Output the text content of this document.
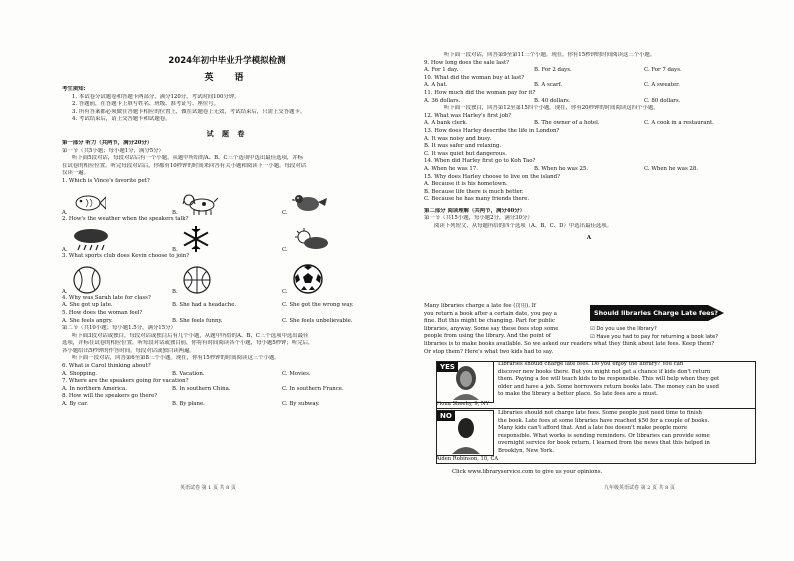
2024年初中毕业升学模拟检测
英　语
考生须知:
1. 本试卷分试题卷和答题卡两部分，满分120分，考试时间100分钟。
2. 答题前，在答题卡上填写姓名、班级、准考证号、座位号。
3. 所有答案都必须做在答题卡相应的位置上，做在试题卷上无效，考试结束后，只需上交答题卡。
4. 考试结束后，请上交答题卡和试题卷。
试 题 卷
第一部分 听力（共两节，满分20分）
第一节（共5小题；每小题1分，满分5分）
听下面5段对话，每段对话后有一个小题，从题中所给的A、B、C三个选项中选出最佳选项，并标
在试卷的相应位置。听完每段对话后，你都有10秒钟的时间来回答有关小题和阅读下一小题。每段对话
仅读一遍。
1. Which is Vince's favorite pet?
A.	B.	C.
2. How's the weather when the speakers talk?
A.	B.	C.
3. What sports club does Kevin choose to join?
A.	B.	C.
4. Why was Sarah late for class?
A. She got up late.	B. She had a headache.	C. She got the wrong way.
5. How does the woman feel?
A. She feels angry.	B. She feels funny.	C. She feels unbelievable.
第二节（共10小题；每小题1.5分，满分15分）
听下面3段对话或独白，每段对话或独白后有几个小题，从题中所给的A、B、C三个选项中选出最佳
选项，并标在试卷的相应位置。听每段对话或独白前，你将有时间阅读各个小题，每小题5秒钟；听完后，
各小题给出5秒钟的作答时间。每段对话或独白读两遍。
听下面一段对话，回答第6至第8三个小题。现在，你有15秒钟的时间阅读这三个小题。
6. What is Carol thinking about?
A. Shopping.	B. Vacation.	C. Movies.
7. Where are the speakers going for vacation?
A. In northern America.	B. In southern China.	C. In southern France.
8. How will the speakers go there?
A. By car.	B. By plane.	C. By subway.
英语试卷 第 1 页 共 8 页
听下面一段对话，回答第9至第11三个小题。现在，你有15秒钟的时间阅读这三个小题。
9. How long does the sale last?
A. For 1 day.	B. For 2 days.	C. For 7 days.
10. What did the woman buy at last?
A. A hat.	B. A scarf.	C. A sweater.
11. How much did the woman pay for it?
A. 36 dollars.	B. 40 dollars.	C. 80 dollars.
听下面一段独白，回答第12至第15四个小题。现在，你有20秒钟的时间阅读这四个小题。
12. What was Harley's first job?
A. A bank clerk.	B. The owner of a hotel.	C. A cook in a restaurant.
13. How does Harley describe the life in London?
A. It was noisy and busy.
B. It was safer and relaxing.
C. It was quiet but dangerous.
14. When did Harley first go to Koh Tao?
A. When he was 17.	B. When he was 25.	C. When he was 28.
15. Why does Harley choose to live on the island?
A. Because it is his hometown.
B. Because life there is much better.
C. Because he has many friends there.
第二部分 阅读理解（共两节，满分40分）
第一节（共15小题，每小题2分，满分30分）
阅读下列短文，从每题所给的四个选项（A、B、C、D）中选出最佳选项。
A
Many libraries charge a late fee (罚用). If
you return a book after a certain date, you pay a
fine. But this might be changing. Part for public
libraries, anyway. Some say these fees stop some
people from using the library. And the point of
libraries is to make books available. So we asked our readers what they think about late fees. Keep them?
Or stop them? Here's what two kids had to say.
Should libraries Charge Late fees?
☑ Do you use the library?
☑ Have you had to pay for returning a book late?
YES
Fiona Sheehy, 9, NY
Libraries should charge late fees. Do you enjoy the library? You can
discover new books there. But you might not get a chance if kids don't return
them. Paying a fee will teach kids to be responsible. This will help when they get
older and have a job. Some borrowers return books late. The money can be used
to make the library a better place. So late fees are a must.
NO
Aiden Robinson, 10, CA
Libraries should not charge late fees. Some people just need time to finish
the book. Late fees at some libraries have reached $50 for a couple of books.
Many kids can't afford that. And a late fee doesn't make people more
responsible. What works is sending reminders. Or libraries can provide some
overnight service for book return. I learned from the news that this helped in
Brooklyn, New York.
Click www.libraryservice.com to give us your opinions.
九年级英语试卷 第 2 页 共 8 页
